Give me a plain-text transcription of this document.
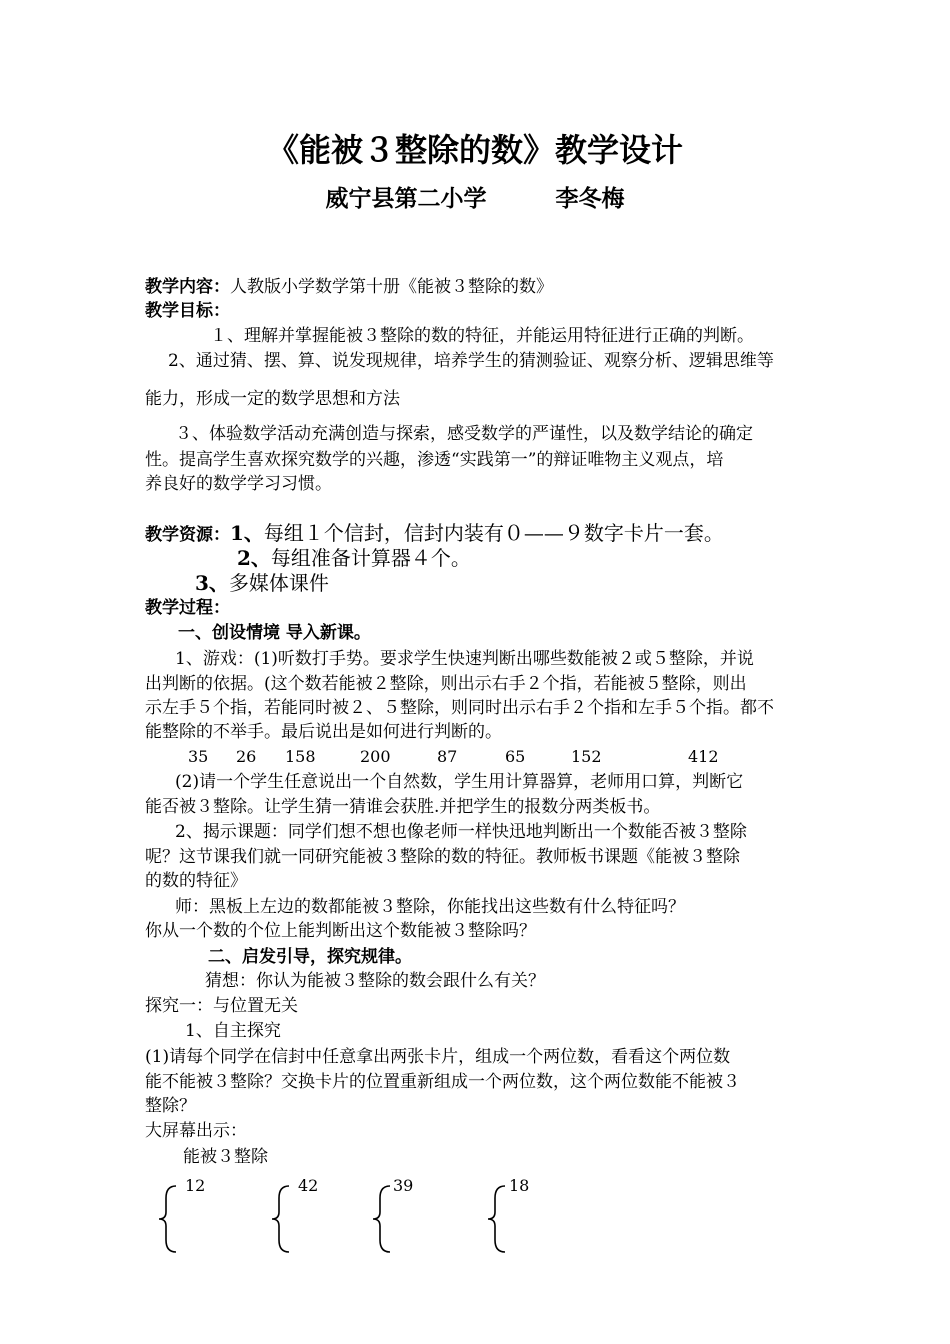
《能被３整除的数》教学设计
威宁县第二小学　　　李冬梅
教学内容：人教版小学数学第十册《能被３整除的数》
教学目标：
１、理解并掌握能被３整除的数的特征，并能运用特征进行正确的判断。
2、通过猜、摆、算、说发现规律，培养学生的猜测验证、观察分析、逻辑思维等
能力，形成一定的数学思想和方法
３、体验数学活动充满创造与探索，感受数学的严谨性，以及数学结论的确定
性。提高学生喜欢探究数学的兴趣，渗透“实践第一”的辩证唯物主义观点，培
养良好的数学学习习惯。
教学资源：1、每组１个信封，信封内装有０——９数字卡片一套。
2、每组准备计算器４个。
3、多媒体课件
教学过程：
一、创设情境 导入新课。
1、游戏：(1)听数打手势。要求学生快速判断出哪些数能被２或５整除，并说
出判断的依据。(这个数若能被２整除，则出示右手２个指，若能被５整除，则出
示左手５个指，若能同时被２、５整除，则同时出示右手２个指和左手５个指。都不
能整除的不举手。最后说出是如何进行判断的。
35 26 158	200	87	65	152	412
(2)请一个学生任意说出一个自然数，学生用计算器算，老师用口算，判断它
能否被３整除。让学生猜一猜谁会获胜.并把学生的报数分两类板书。
2、揭示课题：同学们想不想也像老师一样快迅地判断出一个数能否被３整除
呢？这节课我们就一同研究能被３整除的数的特征。教师板书课题《能被３整除
的数的特征》
师：黑板上左边的数都能被３整除，你能找出这些数有什么特征吗？
你从一个数的个位上能判断出这个数能被３整除吗？
二、启发引导，探究规律。
猜想：你认为能被３整除的数会跟什么有关？
探究一：与位置无关
1、自主探究
(1)请每个同学在信封中任意拿出两张卡片，组成一个两位数，看看这个两位数
能不能被３整除？交换卡片的位置重新组成一个两位数，这个两位数能不能被３
整除？
大屏幕出示：
能被３整除
12	42	39	18
